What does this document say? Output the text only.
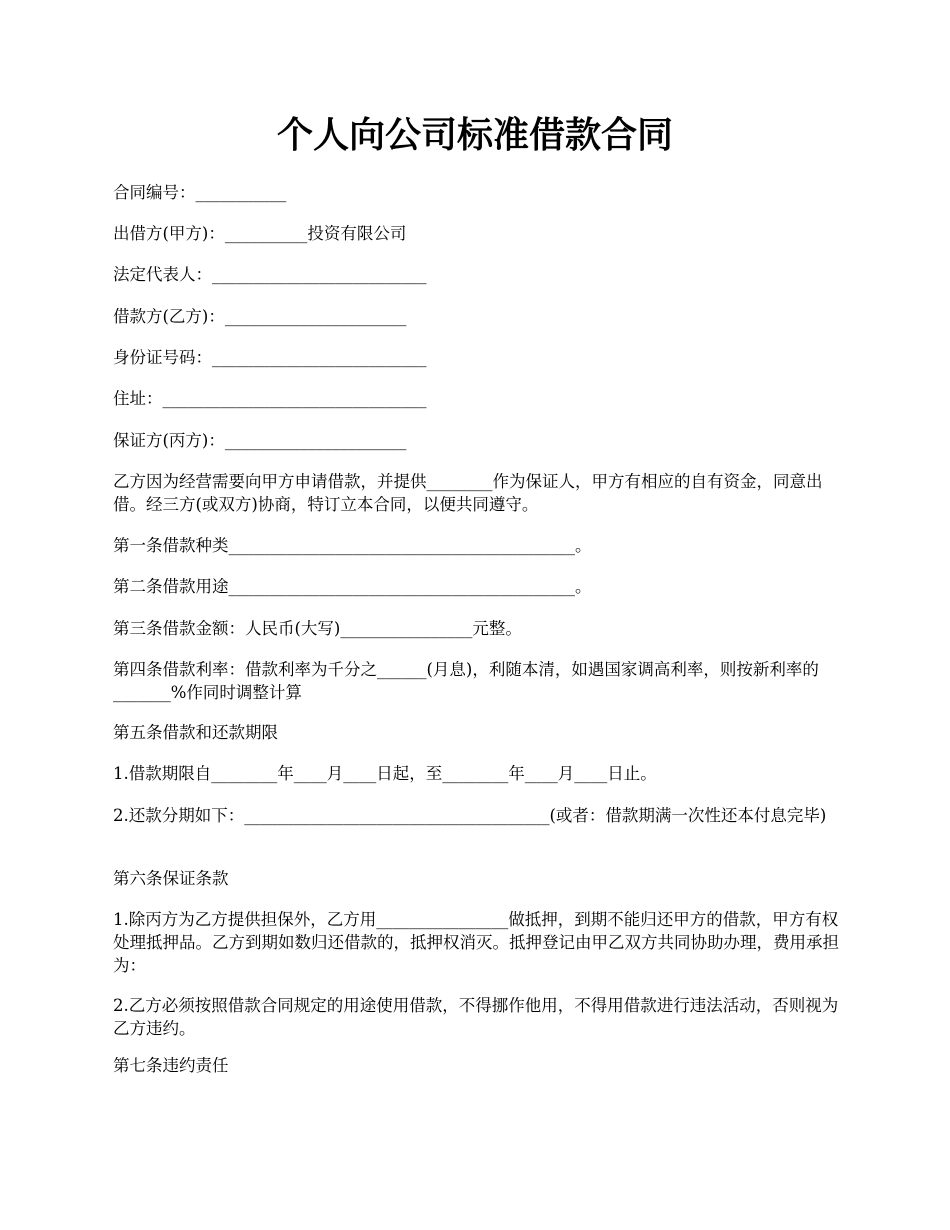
个人向公司标准借款合同

合同编号：___________

出借方(甲方)：__________投资有限公司

法定代表人：__________________________

借款方(乙方)：______________________

身份证号码：__________________________

住址：________________________________

保证方(丙方)：______________________

乙方因为经营需要向甲方申请借款，并提供________作为保证人，甲方有相应的自有资金，同意出借。经三方(或双方)协商，特订立本合同，以便共同遵守。

第一条借款种类__________________________________________。

第二条借款用途__________________________________________。

第三条借款金额：人民币(大写)________________元整。

第四条借款利率：借款利率为千分之______(月息)，利随本清，如遇国家调高利率，则按新利率的_______%作同时调整计算

第五条借款和还款期限

1.借款期限自________年____月____日起，至________年____月____日止。

2.还款分期如下：_____________________________________(或者：借款期满一次性还本付息完毕)

第六条保证条款

1.除丙方为乙方提供担保外，乙方用________________做抵押，到期不能归还甲方的借款，甲方有权处理抵押品。乙方到期如数归还借款的，抵押权消灭。抵押登记由甲乙双方共同协助办理，费用承担为：

2.乙方必须按照借款合同规定的用途使用借款，不得挪作他用，不得用借款进行违法活动，否则视为乙方违约。

第七条违约责任
